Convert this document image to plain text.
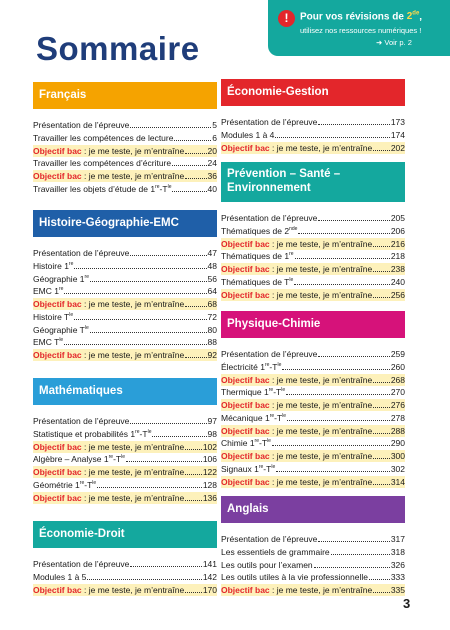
Sommaire
!	Pour vos révisions de 2de,
utilisez nos ressources numériques !
➜ Voir p. 2
Français
Présentation de l’épreuve	5
Travailler les compétences de lecture	6
Objectif bac : je me teste, je m’entraîne	20
Travailler les compétences d’écriture	24
Objectif bac : je me teste, je m’entraîne	36
Travailler les objets d’étude de $1re-T^{le}$	40
Histoire-Géographie-EMC
Présentation de l’épreuve	47
Histoire 1re	48
Géographie 1re	56
EMC 1re	64
Objectif bac : je me teste, je m’entraîne	68
Histoire $T^{le}$	72
Géographie $T^{le}$	80
EMC $T^{le}$	88
Objectif bac : je me teste, je m’entraîne	92
Mathématiques
Présentation de l’épreuve	97
Statistique et probabilités $1re-T^{le}$	98
Objectif bac : je me teste, je m’entraîne 102
Algèbre – Analyse $1re-T^{le}$	106
Objectif bac : je me teste, je m’entraîne 122
Géométrie $1re-T^{le}$	128
Objectif bac : je me teste, je m’entraîne 136
Économie-Droit
Présentation de l’épreuve	141
Modules 1 à 5	142
Objectif bac : je me teste, je m’entraîne 170
Économie-Gestion
Présentation de l’épreuve	173
Modules 1 à 4	174
Objectif bac : je me teste, je m’entraîne 202
Prévention – Santé –
Environnement
Présentation de l’épreuve	205
Thématiques de 2nde	206
Objectif bac : je me teste, je m’entraîne 216
Thématiques de 1re	218
Objectif bac : je me teste, je m’entraîne 238
Thématiques de $T^{le}$	240
Objectif bac : je me teste, je m’entraîne 256
Physique-Chimie
Présentation de l’épreuve	259
Électricité $1re-T^{le}$	260
Objectif bac : je me teste, je m’entraîne 268
Thermique $1re-T^{le}$	270
Objectif bac : je me teste, je m’entraîne 276
Mécanique $1re-T^{le}$	278
Objectif bac : je me teste, je m’entraîne 288
Chimie $1re-T^{le}$	290
Objectif bac : je me teste, je m’entraîne 300
Signaux $1re-T^{le}$	302
Objectif bac : je me teste, je m’entraîne 314
Anglais
Présentation de l’épreuve	317
Les essentiels de grammaire	318
Les outils pour l’examen	326
Les outils utiles à la vie professionnelle	333
Objectif bac : je me teste, je m’entraîne 335
3
